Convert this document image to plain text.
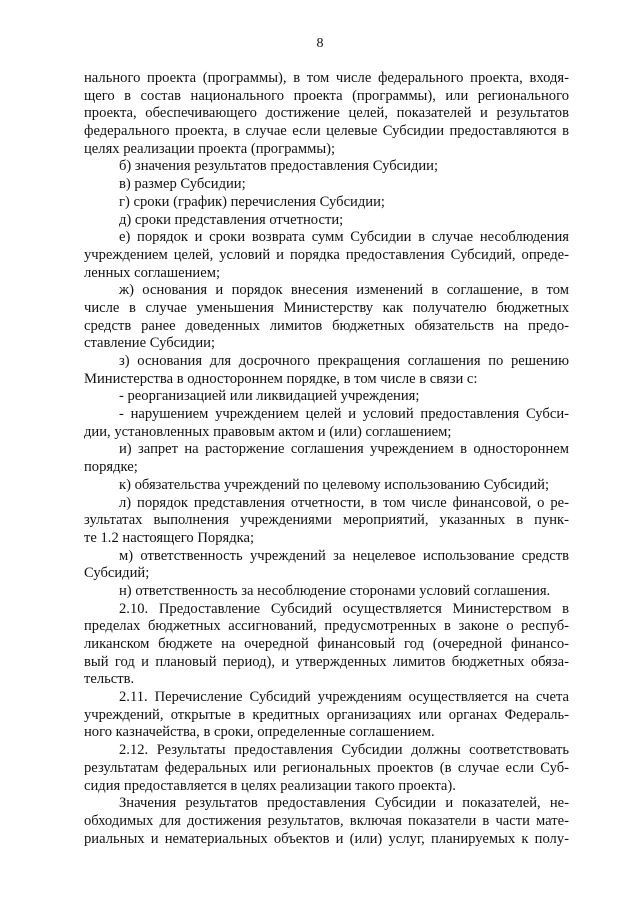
8
нального проекта (программы), в том числе федерального проекта, входя-
щего в состав национального проекта (программы), или регионального
проекта, обеспечивающего достижение целей, показателей и результатов
федерального проекта, в случае если целевые Субсидии предоставляются в
целях реализации проекта (программы);
б) значения результатов предоставления Субсидии;
в) размер Субсидии;
г) сроки (график) перечисления Субсидии;
д) сроки представления отчетности;
е) порядок и сроки возврата сумм Субсидии в случае несоблюдения
учреждением целей, условий и порядка предоставления Субсидий, опреде-
ленных соглашением;
ж) основания и порядок внесения изменений в соглашение, в том
числе в случае уменьшения Министерству как получателю бюджетных
средств ранее доведенных лимитов бюджетных обязательств на предо-
ставление Субсидии;
з) основания для досрочного прекращения соглашения по решению
Министерства в одностороннем порядке, в том числе в связи с:
- реорганизацией или ликвидацией учреждения;
- нарушением учреждением целей и условий предоставления Субси-
дии, установленных правовым актом и (или) соглашением;
и) запрет на расторжение соглашения учреждением в одностороннем
порядке;
к) обязательства учреждений по целевому использованию Субсидий;
л) порядок представления отчетности, в том числе финансовой, о ре-
зультатах выполнения учреждениями мероприятий, указанных в пунк-
те 1.2 настоящего Порядка;
м) ответственность учреждений за нецелевое использование средств
Субсидий;
н) ответственность за несоблюдение сторонами условий соглашения.
2.10. Предоставление Субсидий осуществляется Министерством в
пределах бюджетных ассигнований, предусмотренных в законе о респуб-
ликанском бюджете на очередной финансовый год (очередной финансо-
вый год и плановый период), и утвержденных лимитов бюджетных обяза-
тельств.
2.11. Перечисление Субсидий учреждениям осуществляется на счета
учреждений, открытые в кредитных организациях или органах Федераль-
ного казначейства, в сроки, определенные соглашением.
2.12. Результаты предоставления Субсидии должны соответствовать
результатам федеральных или региональных проектов (в случае если Суб-
сидия предоставляется в целях реализации такого проекта).
Значения результатов предоставления Субсидии и показателей, не-
обходимых для достижения результатов, включая показатели в части мате-
риальных и нематериальных объектов и (или) услуг, планируемых к полу-
